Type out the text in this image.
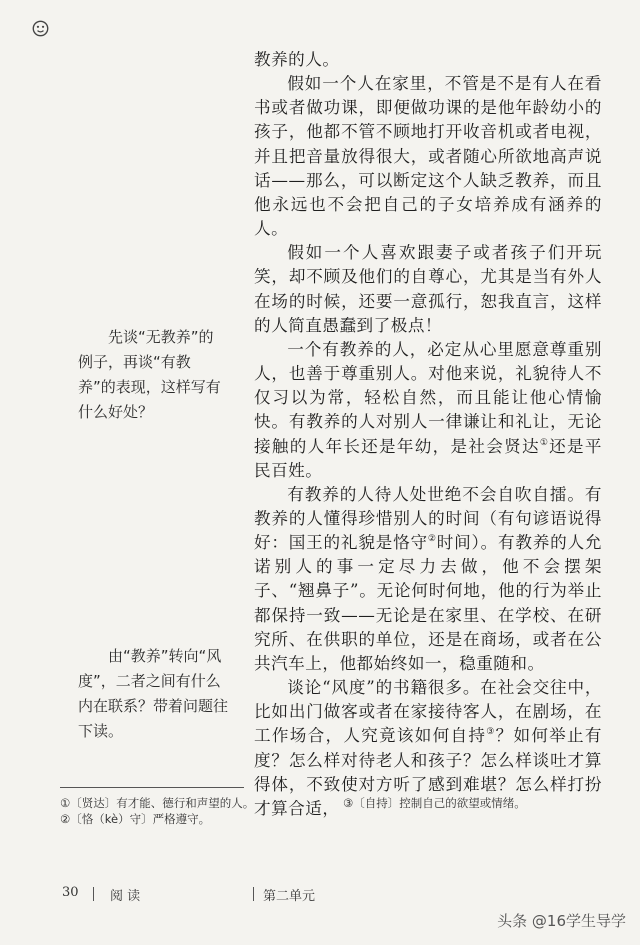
教养的人。

假如一个人在家里，不管是不是有人在看书或者做功课，即便做功课的是他年龄幼小的孩子，他都不管不顾地打开收音机或者电视，并且把音量放得很大，或者随心所欲地高声说话——那么，可以断定这个人缺乏教养，而且他永远也不会把自己的子女培养成有涵养的人。

假如一个人喜欢跟妻子或者孩子们开玩笑，却不顾及他们的自尊心，尤其是当有外人在场的时候，还要一意孤行，恕我直言，这样的人简直愚蠢到了极点！

一个有教养的人，必定从心里愿意尊重别人，也善于尊重别人。对他来说，礼貌待人不仅习以为常，轻松自然，而且能让他心情愉快。有教养的人对别人一律谦让和礼让，无论接触的人年长还是年幼，是社会贤达①还是平民百姓。

有教养的人待人处世绝不会自吹自擂。有教养的人懂得珍惜别人的时间（有句谚语说得好：国王的礼貌是恪守②时间）。有教养的人允诺别人的事一定尽力去做，他不会摆架子、“翘鼻子”。无论何时何地，他的行为举止都保持一致——无论是在家里、在学校、在研究所、在供职的单位，还是在商场，或者在公共汽车上，他都始终如一，稳重随和。

谈论“风度”的书籍很多。在社会交往中，比如出门做客或者在家接待客人，在剧场，在工作场合，人究竟该如何自持③？如何举止有度？怎么样对待老人和孩子？怎么样谈吐才算得体，不致使对方听了感到难堪？怎么样打扮才算合适，

先谈“无教养”的例子，再谈“有教养”的表现，这样写有什么好处？

由“教养”转向“风度”，二者之间有什么内在联系？带着问题往下读。

①〔贤达〕有才能、德行和声望的人。
②〔恪（kè）守〕严格遵守。
③〔自持〕控制自己的欲望或情绪。
30 阅 读	第二单元
头条 @16学生导学
